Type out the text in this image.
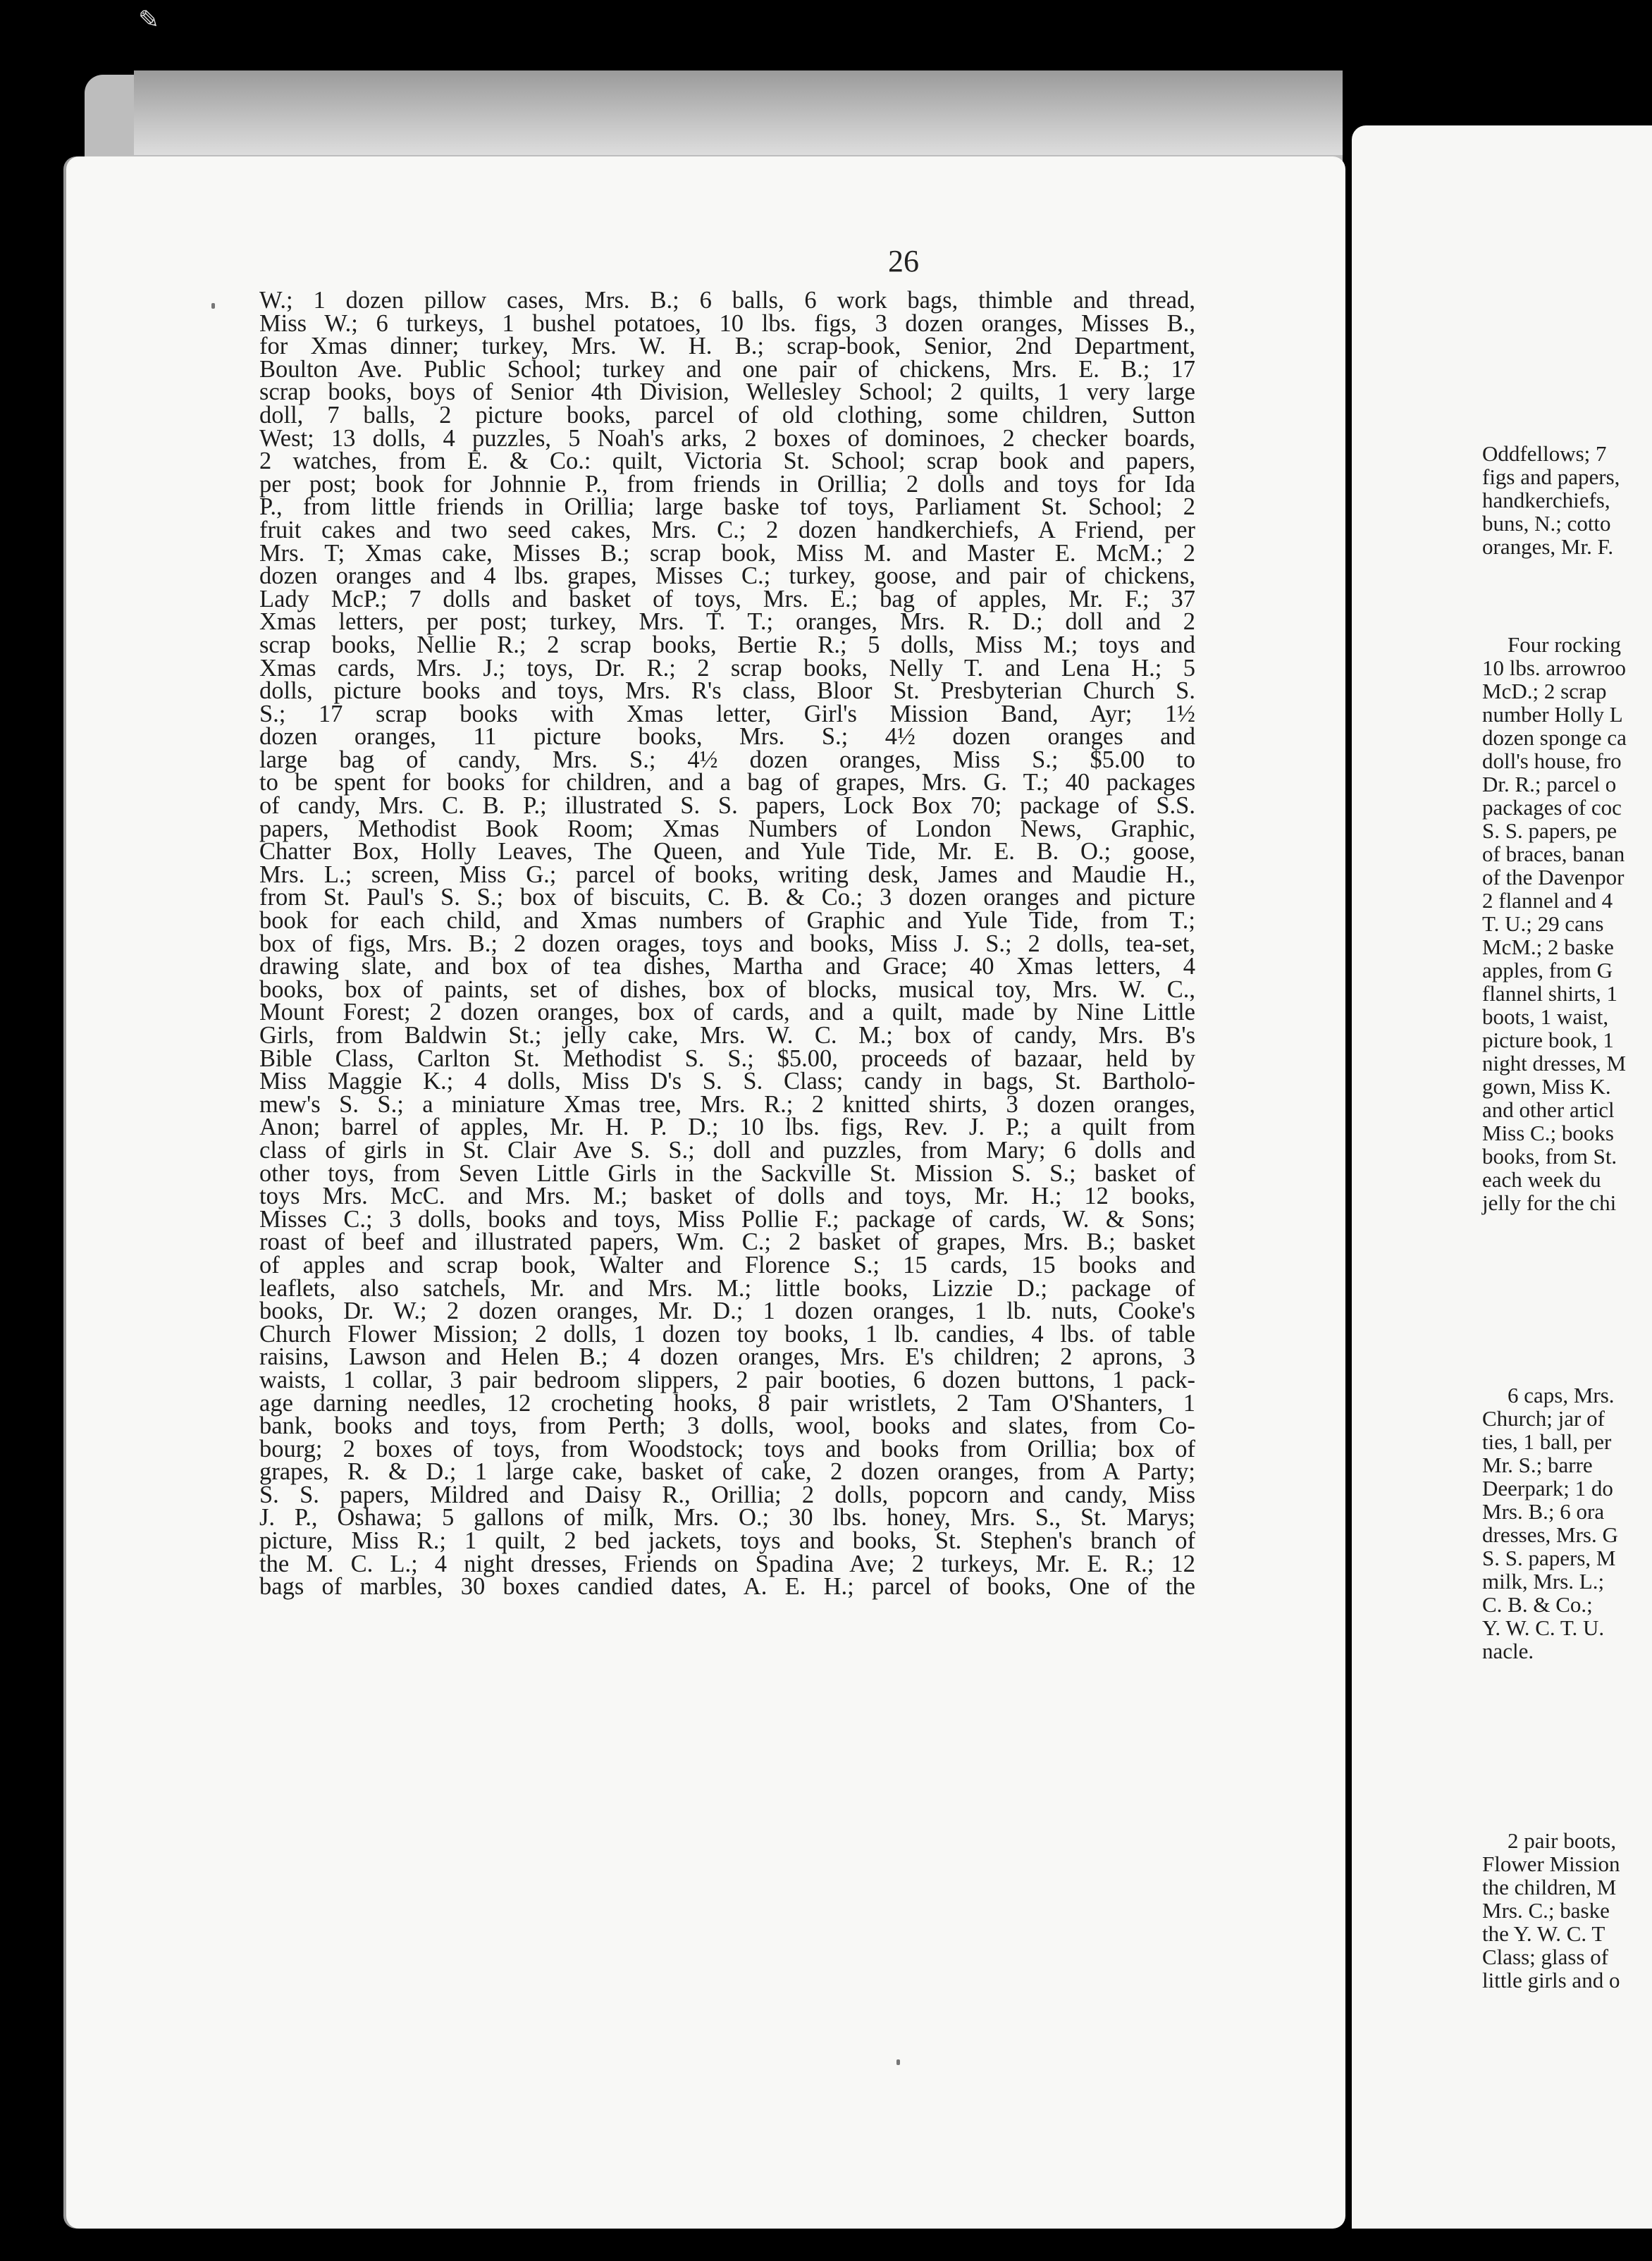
✎
26
W.; 1 dozen pillow cases, Mrs. B.; 6 balls, 6 work bags, thimble and thread,
Miss W.; 6 turkeys, 1 bushel potatoes, 10 lbs. figs, 3 dozen oranges, Misses B.,
for Xmas dinner; turkey, Mrs. W. H. B.; scrap-book, Senior, 2nd Department,
Boulton Ave. Public School; turkey and one pair of chickens, Mrs. E. B.; 17
scrap books, boys of Senior 4th Division, Wellesley School; 2 quilts, 1 very large
doll, 7 balls, 2 picture books, parcel of old clothing, some children, Sutton
West; 13 dolls, 4 puzzles, 5 Noah's arks, 2 boxes of dominoes, 2 checker boards,
2 watches, from E. & Co.: quilt, Victoria St. School; scrap book and papers,
per post; book for Johnnie P., from friends in Orillia; 2 dolls and toys for Ida
P., from little friends in Orillia; large baske tof toys, Parliament St. School; 2
fruit cakes and two seed cakes, Mrs. C.; 2 dozen handkerchiefs, A Friend, per
Mrs. T; Xmas cake, Misses B.; scrap book, Miss M. and Master E. McM.; 2
dozen oranges and 4 lbs. grapes, Misses C.; turkey, goose, and pair of chickens,
Lady McP.; 7 dolls and basket of toys, Mrs. E.; bag of apples, Mr. F.; 37
Xmas letters, per post; turkey, Mrs. T. T.; oranges, Mrs. R. D.; doll and 2
scrap books, Nellie R.; 2 scrap books, Bertie R.; 5 dolls, Miss M.; toys and
Xmas cards, Mrs. J.; toys, Dr. R.; 2 scrap books, Nelly T. and Lena H.; 5
dolls, picture books and toys, Mrs. R's class, Bloor St. Presbyterian Church S.
S.; 17 scrap books with Xmas letter, Girl's Mission Band, Ayr; 1½
dozen oranges, 11 picture books, Mrs. S.; 4½ dozen oranges and
large bag of candy, Mrs. S.; 4½ dozen oranges, Miss S.; $5.00 to
to be spent for books for children, and a bag of grapes, Mrs. G. T.; 40 packages
of candy, Mrs. C. B. P.; illustrated S. S. papers, Lock Box 70; package of S.S.
papers, Methodist Book Room; Xmas Numbers of London News, Graphic,
Chatter Box, Holly Leaves, The Queen, and Yule Tide, Mr. E. B. O.; goose,
Mrs. L.; screen, Miss G.; parcel of books, writing desk, James and Maudie H.,
from St. Paul's S. S.; box of biscuits, C. B. & Co.; 3 dozen oranges and picture
book for each child, and Xmas numbers of Graphic and Yule Tide, from T.;
box of figs, Mrs. B.; 2 dozen orages, toys and books, Miss J. S.; 2 dolls, tea-set,
drawing slate, and box of tea dishes, Martha and Grace; 40 Xmas letters, 4
books, box of paints, set of dishes, box of blocks, musical toy, Mrs. W. C.,
Mount Forest; 2 dozen oranges, box of cards, and a quilt, made by Nine Little
Girls, from Baldwin St.; jelly cake, Mrs. W. C. M.; box of candy, Mrs. B's
Bible Class, Carlton St. Methodist S. S.; $5.00, proceeds of bazaar, held by
Miss Maggie K.; 4 dolls, Miss D's S. S. Class; candy in bags, St. Bartholo-
mew's S. S.; a miniature Xmas tree, Mrs. R.; 2 knitted shirts, 3 dozen oranges,
Anon; barrel of apples, Mr. H. P. D.; 10 lbs. figs, Rev. J. P.; a quilt from
class of girls in St. Clair Ave S. S.; doll and puzzles, from Mary; 6 dolls and
other toys, from Seven Little Girls in the Sackville St. Mission S. S.; basket of
toys Mrs. McC. and Mrs. M.; basket of dolls and toys, Mr. H.; 12 books,
Misses C.; 3 dolls, books and toys, Miss Pollie F.; package of cards, W. & Sons;
roast of beef and illustrated papers, Wm. C.; 2 basket of grapes, Mrs. B.; basket
of apples and scrap book, Walter and Florence S.; 15 cards, 15 books and
leaflets, also satchels, Mr. and Mrs. M.; little books, Lizzie D.; package of
books, Dr. W.; 2 dozen oranges, Mr. D.; 1 dozen oranges, 1 lb. nuts, Cooke's
Church Flower Mission; 2 dolls, 1 dozen toy books, 1 lb. candies, 4 lbs. of table
raisins, Lawson and Helen B.; 4 dozen oranges, Mrs. E's children; 2 aprons, 3
waists, 1 collar, 3 pair bedroom slippers, 2 pair booties, 6 dozen buttons, 1 pack-
age darning needles, 12 crocheting hooks, 8 pair wristlets, 2 Tam O'Shanters, 1
bank, books and toys, from Perth; 3 dolls, wool, books and slates, from Co-
bourg; 2 boxes of toys, from Woodstock; toys and books from Orillia; box of
grapes, R. & D.; 1 large cake, basket of cake, 2 dozen oranges, from A Party;
S. S. papers, Mildred and Daisy R., Orillia; 2 dolls, popcorn and candy, Miss
J. P., Oshawa; 5 gallons of milk, Mrs. O.; 30 lbs. honey, Mrs. S., St. Marys;
picture, Miss R.; 1 quilt, 2 bed jackets, toys and books, St. Stephen's branch of
the M. C. L.; 4 night dresses, Friends on Spadina Ave; 2 turkeys, Mr. E. R.; 12
bags of marbles, 30 boxes candied dates, A. E. H.; parcel of books, One of the
Oddfellows; 7
figs and papers,
handkerchiefs,
buns, N.; cotto
oranges, Mr. F.
Four rocking
10 lbs. arrowroo
McD.; 2 scrap
number Holly L
dozen sponge ca
doll's house, fro
Dr. R.; parcel o
packages of coc
S. S. papers, pe
of braces, banan
of the Davenpor
2 flannel and 4
T. U.; 29 cans
McM.; 2 baske
apples, from G
flannel shirts, 1
boots, 1 waist,
picture book, 1
night dresses, M
gown, Miss K.
and other articl
Miss C.; books
books, from St.
each week du
jelly for the chi
6 caps, Mrs.
Church; jar of
ties, 1 ball, per
Mr. S.; barre
Deerpark; 1 do
Mrs. B.; 6 ora
dresses, Mrs. G
S. S. papers, M
milk, Mrs. L.;
C. B. & Co.;
Y. W. C. T. U.
nacle.
2 pair boots,
Flower Mission
the children, M
Mrs. C.; baske
the Y. W. C. T
Class; glass of
little girls and o
